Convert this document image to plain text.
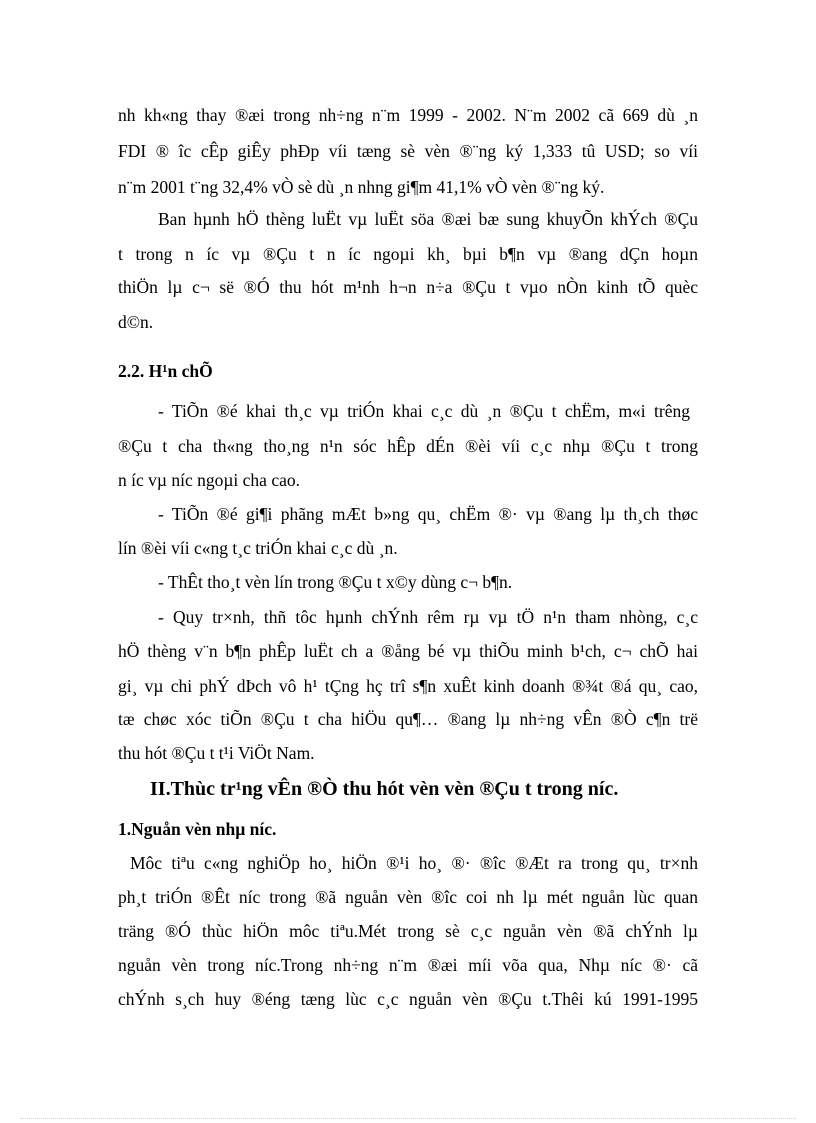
nh kh«ng thay ®æi trong nh÷ng n¨m 1999 - 2002. N¨m 2002 cã 669 dù ¸n
FDI ® îc cÊp giÊy phÐp víi tæng sè vèn ®¨ng ký 1,333 tû USD; so víi
n¨m 2001 t¨ng 32,4% vÒ sè dù ¸n nhng gi¶m 41,1% vÒ vèn ®¨ng ký.
Ban hµnh hÖ thèng luËt vµ luËt söa ®æi bæ sung khuyÕn khÝch ®Çu
t trong n íc vµ ®Çu t n íc ngoµi kh¸ bµi b¶n vµ ®ang dÇn hoµn
thiÖn lµ c¬ së ®Ó thu hót m¹nh h¬n n÷a ®Çu t vµo nÒn kinh tÕ quèc
d©n.
2.2. H¹n chÕ
- TiÕn ®é khai th¸c vµ triÓn khai c¸c dù ¸n ®Çu t chËm, m«i trêng
®Çu t cha th«ng tho¸ng n¹n sóc hÊp dÉn ®èi víi c¸c nhµ ®Çu t trong
n íc vµ níc ngoµi cha cao.
- TiÕn ®é gi¶i phãng mÆt b»ng qu¸ chËm ®· vµ ®ang lµ th¸ch thøc
lín ®èi víi c«ng t¸c triÓn khai c¸c dù ¸n.
- ThÊt tho¸t vèn lín trong ®Çu t x©y dùng c¬ b¶n.
- Quy tr×nh, thñ tôc hµnh chÝnh rêm rµ vµ tÖ n¹n tham nhòng, c¸c
hÖ thèng v¨n b¶n phÊp luËt ch a ®ång bé vµ thiÕu minh b¹ch, c¬ chÕ hai
gi¸ vµ chi phÝ dÞch vô h¹ tÇng hç trî s¶n xuÊt kinh doanh ®¾t ®á qu¸ cao,
tæ chøc xóc tiÕn ®Çu t cha hiÖu qu¶… ®ang lµ nh÷ng vÊn ®Ò c¶n trë
thu hót ®Çu t t¹i ViÖt Nam.
II.Thùc tr¹ng vÊn ®Ò thu hót vèn vèn ®Çu t trong níc.
1.Nguån vèn nhµ níc.
Môc tiªu c«ng nghiÖp ho¸ hiÖn ®¹i ho¸ ®· ®îc ®Æt ra trong qu¸ tr×nh
ph¸t triÓn ®Êt níc trong ®ã nguån vèn ®îc coi nh lµ mét nguån lùc quan
träng ®Ó thùc hiÖn môc tiªu.Mét trong sè c¸c nguån vèn ®ã chÝnh lµ
nguån vèn trong níc.Trong nh÷ng n¨m ®æi míi võa qua, Nhµ níc ®· cã
chÝnh s¸ch huy ®éng tæng lùc c¸c nguån vèn ®Çu t.Thêi kú 1991-1995
